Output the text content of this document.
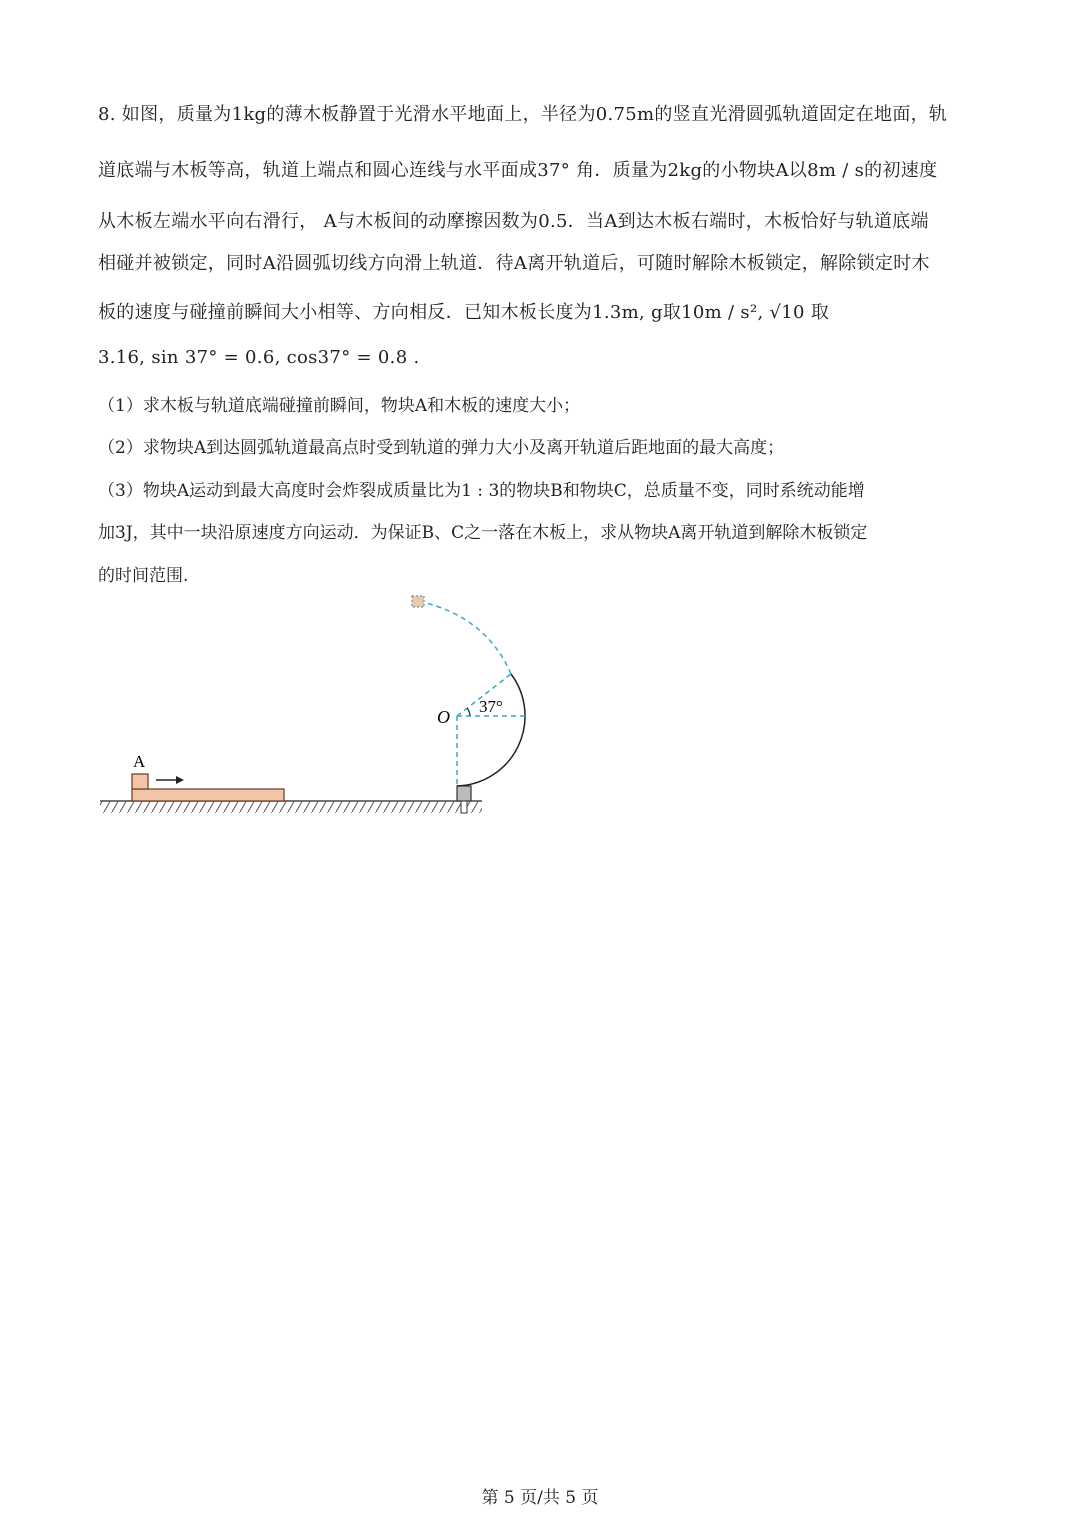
8. 如图，质量为1kg的薄木板静置于光滑水平地面上，半径为0.75m的竖直光滑圆弧轨道固定在地面，轨
道底端与木板等高，轨道上端点和圆心连线与水平面成37° 角．质量为2kg的小物块A以8m / s的初速度
从木板左端水平向右滑行， A与木板间的动摩擦因数为0.5．当A到达木板右端时，木板恰好与轨道底端
相碰并被锁定，同时A沿圆弧切线方向滑上轨道．待A离开轨道后，可随时解除木板锁定，解除锁定时木
板的速度与碰撞前瞬间大小相等、方向相反．已知木板长度为1.3m, g取10m / s², √10 取
3.16, sin 37° = 0.6, cos37° = 0.8 .
（1）求木板与轨道底端碰撞前瞬间，物块A和木板的速度大小；
（2）求物块A到达圆弧轨道最高点时受到轨道的弹力大小及离开轨道后距地面的最大高度；
（3）物块A运动到最大高度时会炸裂成质量比为1 : 3的物块B和物块C，总质量不变，同时系统动能增
加3J，其中一块沿原速度方向运动．为保证B、C之一落在木板上，求从物块A离开轨道到解除木板锁定
的时间范围.
A
37°
O
第 5 页/共 5 页
